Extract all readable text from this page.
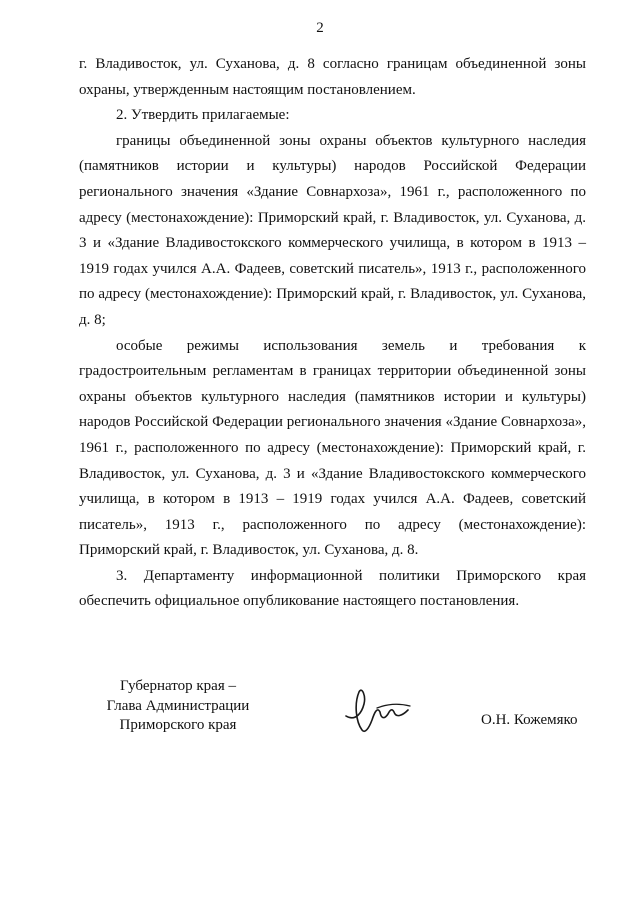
2

г. Владивосток, ул. Суханова, д. 8 согласно границам объединенной зоны охраны, утвержденным настоящим постановлением.

2. Утвердить прилагаемые:

границы объединенной зоны охраны объектов культурного наследия (памятников истории и культуры) народов Российской Федерации регионального значения «Здание Совнархоза», 1961 г., расположенного по адресу (местонахождение): Приморский край, г. Владивосток, ул. Суханова, д. 3 и «Здание Владивостокского коммерческого училища, в котором в 1913 – 1919 годах учился А.А. Фадеев, советский писатель», 1913 г., расположенного по адресу (местонахождение): Приморский край, г. Владивосток, ул. Суханова, д. 8;

особые режимы использования земель и требования к градостроительным регламентам в границах территории объединенной зоны охраны объектов культурного наследия (памятников истории и культуры) народов Российской Федерации регионального значения «Здание Совнархоза», 1961 г., расположенного по адресу (местонахождение): Приморский край, г. Владивосток, ул. Суханова, д. 3 и «Здание Владивостокского коммерческого училища, в котором в 1913 – 1919 годах учился А.А. Фадеев, советский писатель», 1913 г., расположенного по адресу (местонахождение): Приморский край, г. Владивосток, ул. Суханова, д. 8.

3. Департаменту информационной политики Приморского края обеспечить официальное опубликование настоящего постановления.

Губернатор края –
Глава Администрации
Приморского края	О.Н. Кожемяко
